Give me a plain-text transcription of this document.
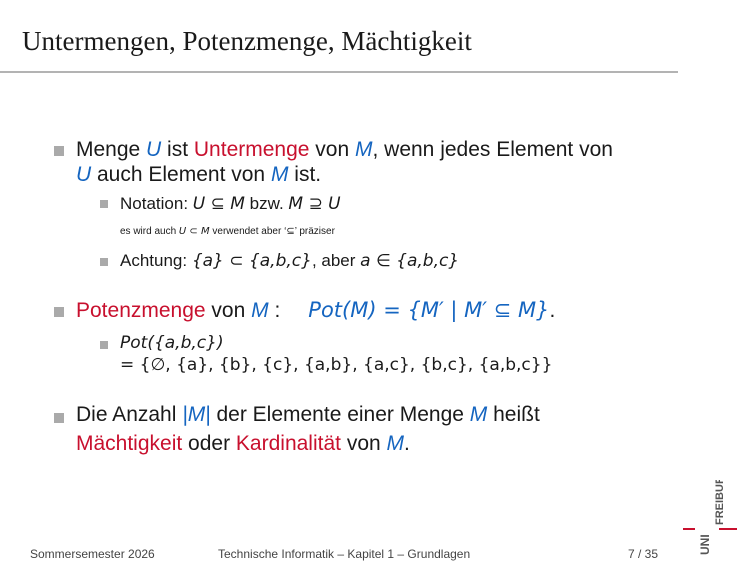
Untermengen, Potenzmenge, Mächtigkeit
Menge U ist Untermenge von M, wenn jedes Element von
U auch Element von M ist.
Notation: U ⊆ M bzw. M ⊇ U
es wird auch U ⊂ M verwendet aber ‘⊆’ präziser
Achtung: {a} ⊂ {a,b,c}, aber a ∈ {a,b,c}
Potenzmenge von M : Pot(M) = {M′ | M′ ⊆ M}.
Pot({a,b,c})
= {∅, {a}, {b}, {c}, {a,b}, {a,c}, {b,c}, {a,b,c}}
Die Anzahl |M| der Elemente einer Menge M heißt
Mächtigkeit oder Kardinalität von M.
UNI
FREIBURG
Sommersemester 2026	Technische Informatik – Kapitel 1 – Grundlagen	7 / 35
